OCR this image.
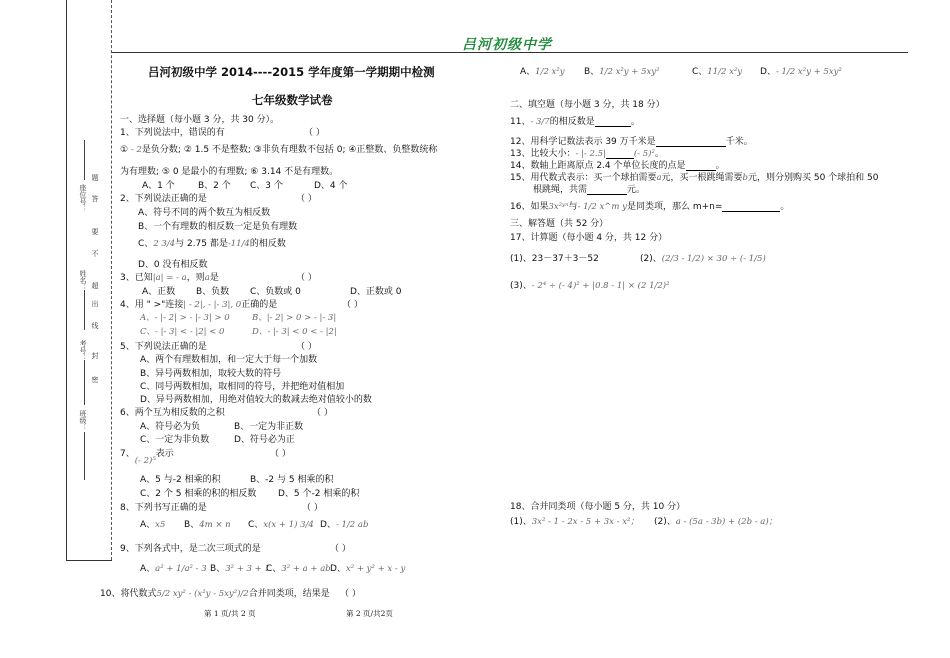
座位号： 答
题
不
要
姓名： 超
出
密
考号： 封
班级：
线
吕河初级中学
吕河初级中学 2014----2015 学年度第一学期期中检测
七年级数学试卷
一、选择题（每小题 3 分，共 30 分）。
1、下列说法中，错误的有	（ ）
① - 2是负分数; ② 1.5 不是整数; ③非负有理数不包括 0; ④正整数、负整数统称
为有理数; ⑤ 0 是最小的有理数; ⑥ 3.14 不是有理数。
A、1 个	B、2 个 C、3 个	D、4 个
2、下列说法正确的是	（ ）
A、符号不同的两个数互为相反数
B、一个有理数的相反数一定是负有理数
C、2 3/4与 2.75 都是-11/4的相反数
D、0 没有相反数
3、已知|a| = - a，则a是	（ ）
A、正数 B、负数 C、负数或 0	D、正数或 0
4、用 " >"连接| - 2|, - |- 3|, 0正确的是	（ ）
A、- |- 2| > - |- 3| > 0	B、|- 2| > 0 > - |- 3|
C、- |- 3| < - |2| < 0	D、- |- 3| < 0 < - |2|
5、下列说法正确的是	（ ）
A、两个有理数相加，和一定大于每一个加数
B、异号两数相加，取较大数的符号
C、同号两数相加，取相同的符号，并把绝对值相加
D、异号两数相加，用绝对值较大的数减去绝对值较小的数
6、两个互为相反数的之积	（ ）
A、符号必为负	B、一定为非正数
C、一定为非负数	D、符号必为正
7、(- 2)⁵表示	（ ）
A、5 与-2 相乘的积	B、-2 与 5 相乘的积
C、2 个 5 相乘的积的相反数 D、5 个-2 相乘的积
8、下列书写正确的是	（ ）
A、x5 B、4m × n C、x(x + 1) 3/4 D、- 1/2 ab
9、下列各式中，是二次三项式的是	（ ）
A、a² + 1/a² - 3 B、3² + 3 + 1
C、3² + a + ab D、x² + y² + x - y
10、将代数式5/2 xy² - (x²y - 5xy²)/2合并同类项，结果是 （ ）
第 1 页/共 2 页
A、1/2 x²y B、1/2 x²y + 5xy²	C、11/2 x²y D、- 1/2 x²y + 5xy²
二、填空题（每小题 3 分，共 18 分）
11、- 3/7的相反数是	。
12、用科学记数法表示 39 万千米是	千米。
13、比较大小：- |- 2.5|	(- 5)²。
14、数轴上距离原点 2.4 个单位长度的点是	。
15、用代数式表示：买一个球拍需要a元，买一根跳绳需要b元，则分别购买 50 个球拍和 50
根跳绳，共需	元。
16、如果3x²ʸⁿ与- 1/2 x^m y是同类项，那么 m+n=	。
三、解答题（共 52 分）
17、计算题（每小题 4 分，共 12 分）
(1)、23－37＋3－52	(2)、(2/3 - 1/2) × 30 ÷ (- 1/5)
(3)、- 2⁴ ÷ (- 4)² + |0.8 - 1| × (2 1/2)²
18、合并同类项（每小题 5 分，共 10 分）
(1)、3x² - 1 - 2x - 5 + 3x - x²； (2)、a - (5a - 3b) + (2b - a)；
第 2 页/共2页
